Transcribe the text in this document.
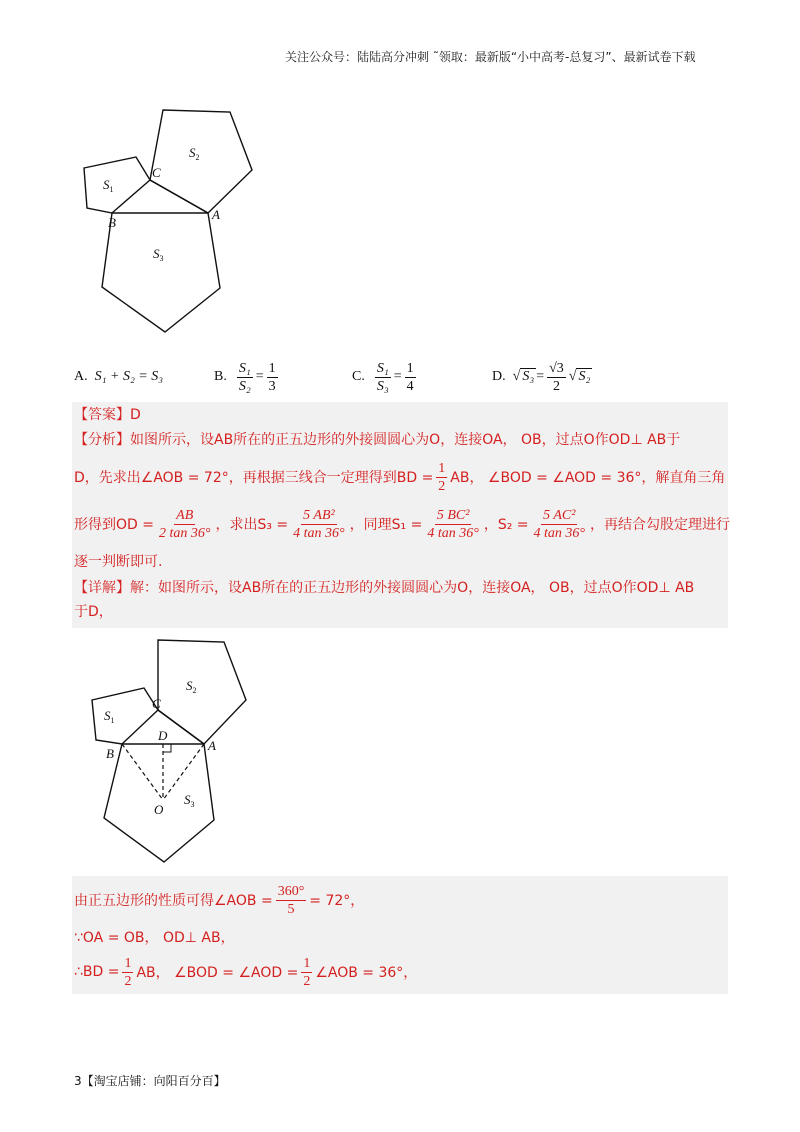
关注公众号：陆陆高分冲刺 ˜领取：最新版“小中高考-总复习”、最新试卷下载
$S_1$
$S_2$
$S_3$
C
B
A
A.
S₁ + S₂ = S₃	B.
$\frac{\text{S₁}}{\text{S₂}} = \frac{1}{3}$	C.
$\frac{\text{S₁}}{\text{S₃}} = \frac{1}{4}$	D.
√ $S_3 = \frac{√3}{2}$ √ S₂
【答案】D
【分析】如图所示，设AB所在的正五边形的外接圆圆心为O，连接OA， OB，过点O作OD⊥ AB于
D，先求出∠AOB = 72°，再根据三线合一定理得到BD = $\frac{1}{2}$ AB， ∠BOD = ∠AOD = 36°，解直角三角
形得到OD = $\frac{AB}{2 \tan 36^\circ}$ ，求出$S_3 = \frac{\text{5 AB²}}{4 \tan 36^\circ}$ ，同理$S_1 = \frac{\text{5 BC²}}{4 \tan 36^\circ}$ ，$S_2 = \frac{\text{5 AC²}}{4 \tan 36^\circ}$ ，再结合勾股定理进行
逐一判断即可.
【详解】解：如图所示，设AB所在的正五边形的外接圆圆心为O，连接OA， OB，过点O作OD⊥ AB
于D，
$S_1$
$S_2$
$S_3$
C
D
B
A
O
由正五边形的性质可得∠AOB = $\frac{360^\circ}{5} = 72^\circ$，
∵OA = OB， OD⊥ AB，
∴BD = $\frac{1}{2}$ AB， ∠BOD = ∠AOD = $\frac{1}{2}$ ∠AOB = 36°，
3【淘宝店铺：向阳百分百】
